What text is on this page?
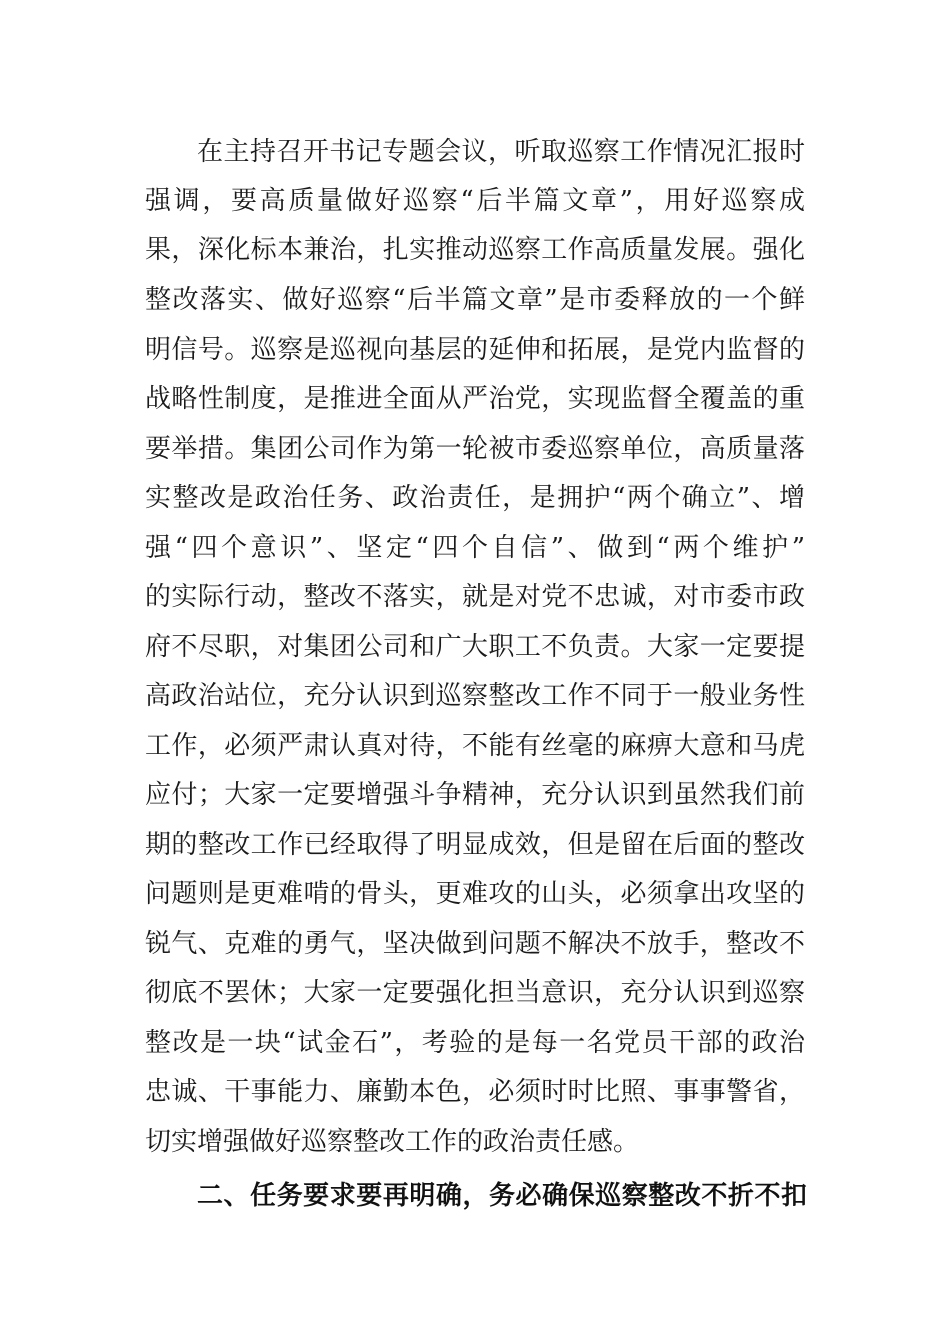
在主持召开书记专题会议，听取巡察工作情况汇报时
强调，要高质量做好巡察“后半篇文章”，用好巡察成
果，深化标本兼治，扎实推动巡察工作高质量发展。强化
整改落实、做好巡察“后半篇文章”是市委释放的一个鲜
明信号。巡察是巡视向基层的延伸和拓展，是党内监督的
战略性制度，是推进全面从严治党，实现监督全覆盖的重
要举措。集团公司作为第一轮被市委巡察单位，高质量落
实整改是政治任务、政治责任，是拥护“两个确立”、增
强“四个意识”、坚定“四个自信”、做到“两个维护”
的实际行动，整改不落实，就是对党不忠诚，对市委市政
府不尽职，对集团公司和广大职工不负责。大家一定要提
高政治站位，充分认识到巡察整改工作不同于一般业务性
工作，必须严肃认真对待，不能有丝毫的麻痹大意和马虎
应付；大家一定要增强斗争精神，充分认识到虽然我们前
期的整改工作已经取得了明显成效，但是留在后面的整改
问题则是更难啃的骨头，更难攻的山头，必须拿出攻坚的
锐气、克难的勇气，坚决做到问题不解决不放手，整改不
彻底不罢休；大家一定要强化担当意识，充分认识到巡察
整改是一块“试金石”，考验的是每一名党员干部的政治
忠诚、干事能力、廉勤本色，必须时时比照、事事警省，
切实增强做好巡察整改工作的政治责任感。
二、任务要求要再明确，务必确保巡察整改不折不扣
